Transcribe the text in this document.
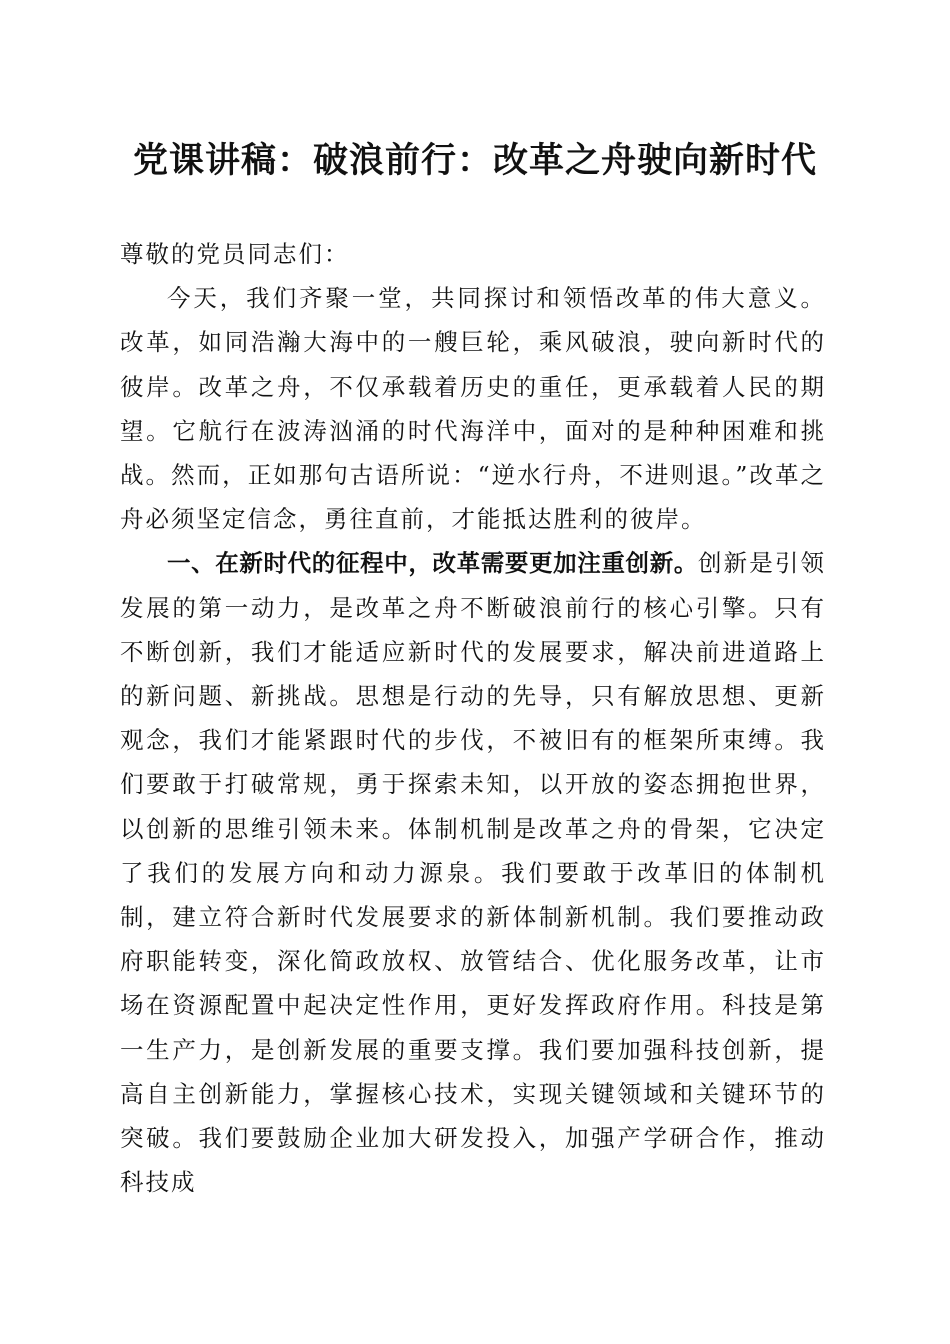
党课讲稿：破浪前行：改革之舟驶向新时代

尊敬的党员同志们：

今天，我们齐聚一堂，共同探讨和领悟改革的伟大意义。改革，如同浩瀚大海中的一艘巨轮，乘风破浪，驶向新时代的彼岸。改革之舟，不仅承载着历史的重任，更承载着人民的期望。它航行在波涛汹涌的时代海洋中，面对的是种种困难和挑战。然而，正如那句古语所说：“逆水行舟，不进则退。”改革之舟必须坚定信念，勇往直前，才能抵达胜利的彼岸。

一、在新时代的征程中，改革需要更加注重创新。创新是引领发展的第一动力，是改革之舟不断破浪前行的核心引擎。只有不断创新，我们才能适应新时代的发展要求，解决前进道路上的新问题、新挑战。思想是行动的先导，只有解放思想、更新观念，我们才能紧跟时代的步伐，不被旧有的框架所束缚。我们要敢于打破常规，勇于探索未知，以开放的姿态拥抱世界，以创新的思维引领未来。体制机制是改革之舟的骨架，它决定了我们的发展方向和动力源泉。我们要敢于改革旧的体制机制，建立符合新时代发展要求的新体制新机制。我们要推动政府职能转变，深化简政放权、放管结合、优化服务改革，让市场在资源配置中起决定性作用，更好发挥政府作用。科技是第一生产力，是创新发展的重要支撑。我们要加强科技创新，提高自主创新能力，掌握核心技术，实现关键领域和关键环节的突破。我们要鼓励企业加大研发投入，加强产学研合作，推动科技成
